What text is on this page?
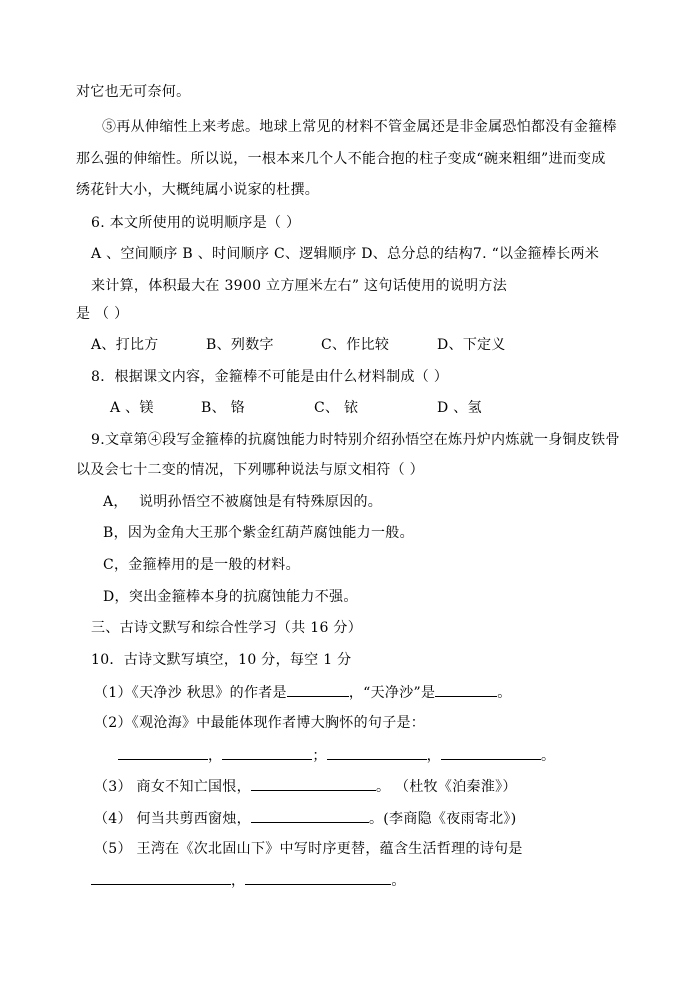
对它也无可奈何。
⑤再从伸缩性上来考虑。地球上常见的材料不管金属还是非金属恐怕都没有金箍棒
那么强的伸缩性。所以说，一根本来几个人不能合抱的柱子变成“碗来粗细”进而变成
绣花针大小，大概纯属小说家的杜撰。
6. 本文所使用的说明顺序是（ ）
A 、空间顺序 B 、时间顺序 C、逻辑顺序 D、总分总的结构7. “以金箍棒长两米
来计算，体积最大在 3900 立方厘米左右” 这句话使用的说明方法
是 （ ）
A、打比方	B、列数字	C、作比较	D、下定义
8．根据课文内容，金箍棒不可能是由什么材料制成（ ）
A 、镁	B、 铬	C、 铱	D 、氢
9.文章第④段写金箍棒的抗腐蚀能力时特别介绍孙悟空在炼丹炉内炼就一身铜皮铁骨
以及会七十二变的情况，下列哪种说法与原文相符（ ）
A， 说明孙悟空不被腐蚀是有特殊原因的。
B，因为金角大王那个紫金红葫芦腐蚀能力一般。
C，金箍棒用的是一般的材料。
D，突出金箍棒本身的抗腐蚀能力不强。
三、古诗文默写和综合性学习（共 16 分）
10．古诗文默写填空，10 分，每空 1 分
（1）《天净沙 秋思》的作者是	，“天净沙”是	。
（2）《观沧海》中最能体现作者博大胸怀的句子是：
，	；	，	。
（3） 商女不知亡国恨，	。 （杜牧《泊秦淮》）
（4） 何当共剪西窗烛，	。(李商隐《夜雨寄北》)
（5） 王湾在《次北固山下》中写时序更替，蕴含生活哲理的诗句是
，	。
